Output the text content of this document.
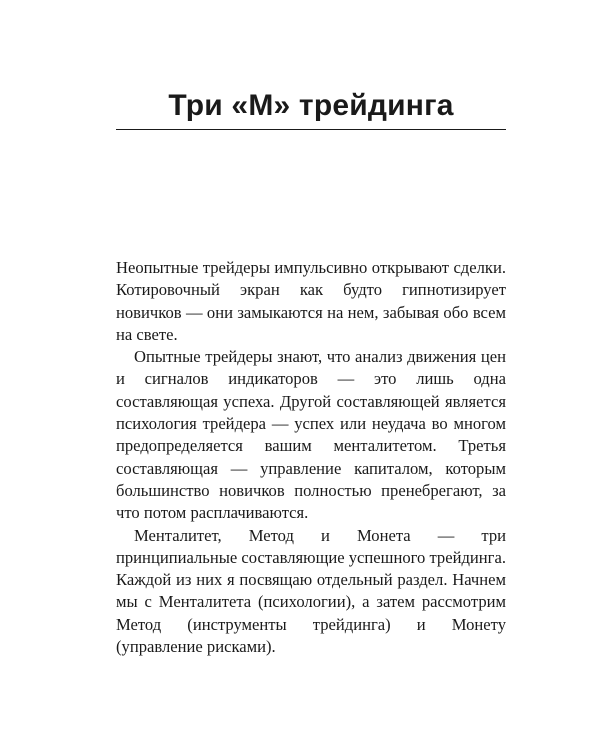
Три «М» трейдинга

Неопытные трейдеры импульсивно открывают сделки. Котировочный экран как будто гипнотизирует новичков — они замыкаются на нем, забывая обо всем на свете.

Опытные трейдеры знают, что анализ движения цен и сигналов индикаторов — это лишь одна составляющая успеха. Другой составляющей является психология трейдера — успех или неудача во многом предопределяется вашим менталитетом. Третья составляющая — управление капиталом, которым большинство новичков полностью пренебрегают, за что потом расплачиваются.

Менталитет, Метод и Монета — три принципиальные составляющие успешного трейдинга. Каждой из них я посвящаю отдельный раздел. Начнем мы с Менталитета (психологии), а затем рассмотрим Метод (инструменты трейдинга) и Монету (управление рисками).
